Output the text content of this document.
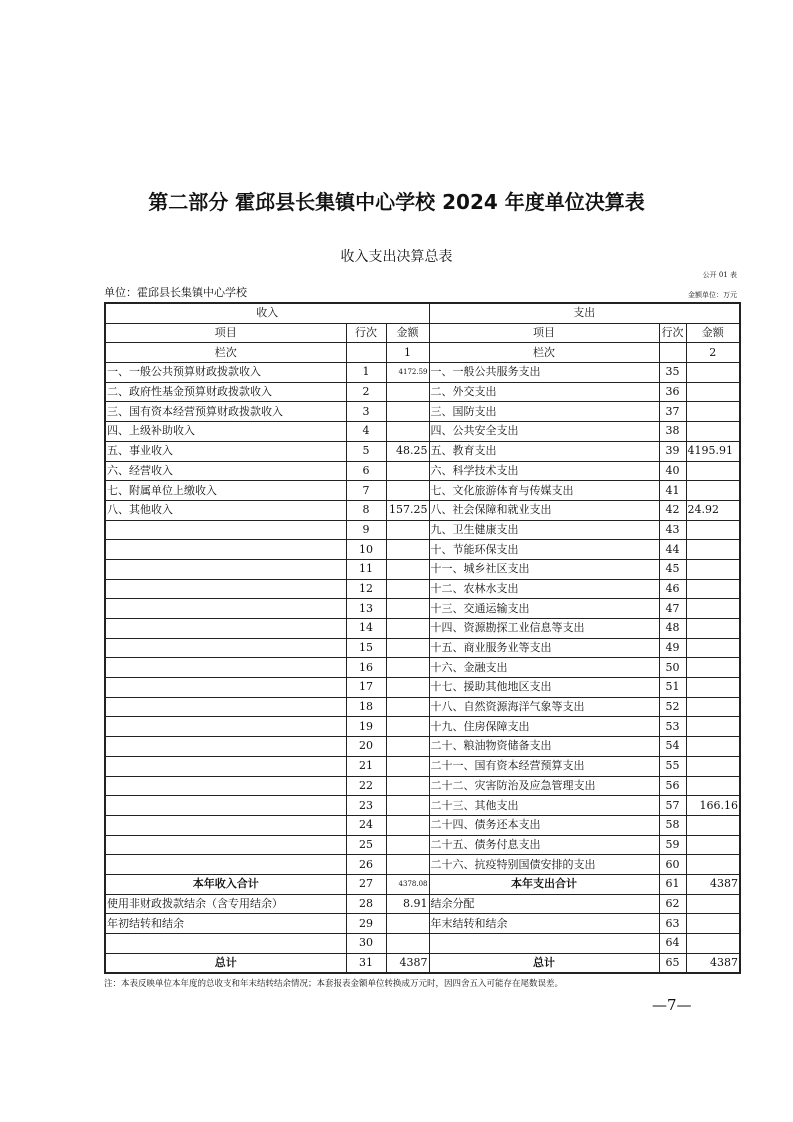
第二部分 霍邱县长集镇中心学校 2024 年度单位决算表
收入支出决算总表
公开 01 表
单位：霍邱县长集镇中心学校	金额单位：万元
收入			支出		
项目	行次	金额	项目	行次	金额
栏次		1	栏次		2
一、一般公共预算财政拨款收入	1	4172.59	一、一般公共服务支出	35	
二、政府性基金预算财政拨款收入	2		二、外交支出	36	
三、国有资本经营预算财政拨款收入	3		三、国防支出	37	
四、上级补助收入	4		四、公共安全支出	38	
五、事业收入	5	48.25	五、教育支出	39	4195.91
六、经营收入	6		六、科学技术支出	40	
七、附属单位上缴收入	7		七、文化旅游体育与传媒支出	41	
八、其他收入	8	157.25	八、社会保障和就业支出	42	24.92
	9		九、卫生健康支出	43	
	10		十、节能环保支出	44	
	11		十一、城乡社区支出	45	
	12		十二、农林水支出	46	
	13		十三、交通运输支出	47	
	14		十四、资源勘探工业信息等支出	48	
	15		十五、商业服务业等支出	49	
	16		十六、金融支出	50	
	17		十七、援助其他地区支出	51	
	18		十八、自然资源海洋气象等支出	52	
	19		十九、住房保障支出	53	
	20		二十、粮油物资储备支出	54	
	21		二十一、国有资本经营预算支出	55	
	22		二十二、灾害防治及应急管理支出	56	
	23		二十三、其他支出	57	166.16
	24		二十四、债务还本支出	58	
	25		二十五、债务付息支出	59	
	26		二十六、抗疫特别国债安排的支出	60	
本年收入合计	27	4378.08	本年支出合计	61	4387
使用非财政拨款结余（含专用结余）	28	8.91	结余分配	62	
年初结转和结余	29		年末结转和结余	63	
	30			64	
总计	31	4387	总计	65	4387
注：本表反映单位本年度的总收支和年末结转结余情况；本套报表金额单位转换成万元时，因四舍五入可能存在尾数误差。
—7—
